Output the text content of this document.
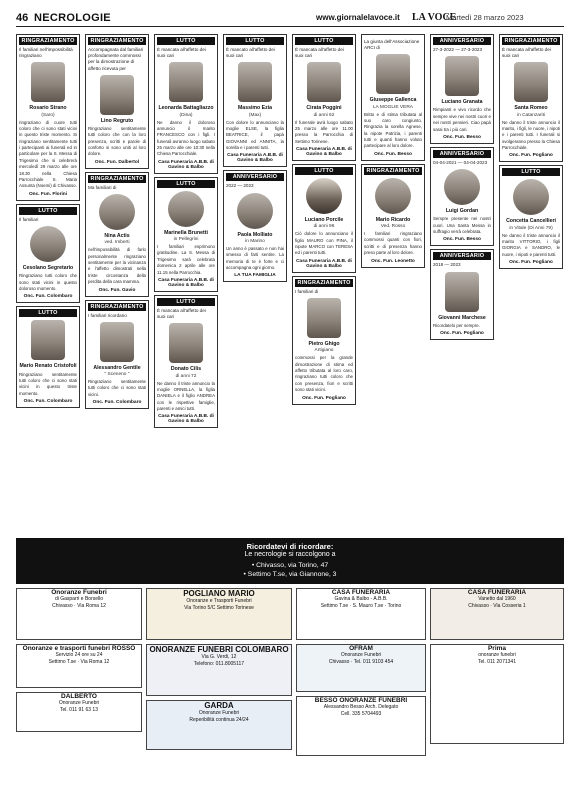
46 NECROLOGIE	www.giornalelavoce.it LA VOCE
Martedì 28 marzo 2023
RINGRAZIAMENTO
Il familiari nell'impossibilità ringraziano
Rosario Strano
(Saro)
ringraziano di cuore tutti coloro che ci sono stati vicini in questo triste momento. Si ringraziano sentitamente tutti i partecipanti ai funerali ed in particolare per la S. Messa di Trigesimo che si celebrerà mercoledì 29 marzo alle ore 18.30 nella Chiesa Parrocchiale S. Maria Assunta (Noemi) di Chivasso.
Onc. Fun. Florini
LUTTO
Il familiari
Cesolano Segretario
Ringraziano tutti coloro che sono stati vicini in questo doloroso momento.
Onc. Fun. Colombaro
LUTTO
Mario Renato Cristofoli
Ringraziano sentitamente tutti coloro che ci sono stati vicini in questo triste momento.
Onc. Fun. Colombaro
RINGRAZIAMENTO
Accompagnata dal familiari profondamente commossi per la dimostrazione di affetto ricevuta per
Lino Regruto
Ringraziano sentitamente tutti coloro che con la loro presenza, scritti e parole di conforto si sono uniti al loro dolore.
Onc. Fun. Dalbertol
RINGRAZIAMENTO
Ma familiari di
Nina Actis
ved. Imberti
nell'impossibilità di farlo personalmente ringraziano sentitamente per la vicinanza e l'affetto dimostrati nella triste circostanza della perdita della cara mamma.
Onc. Fun. Gavio
RINGRAZIAMENTO
I familiari ricordano
Alessandro Gentile
" Sceneno "
Ringraziano sentitamente tutti coloro che ci sono stati vicini.
Onc. Fun. Colombaro
LUTTO
È mancata all'affetto dei suoi cari
Leonarda Battagliazzo
(Dina)
Ne danno il doloroso annuncio il marito FRANCESCO con i figli. I funerali avranno luogo sabato 25 marzo alle ore 10:30 nella Chiesa Parrocchiale.
Casa Funeraria A.B.B. di Gavino & Balbo
LUTTO
Marinella Brunetti
in Pellegrini
I familiari esprimono gratitudine. La S. Messa di Trigesimo sarà celebrata domenica 2 aprile alle ore 11.15 nella Parrocchia.
Casa Funeraria A.B.B. di Gavino & Balbo
LUTTO
È mancata all'affetto dei suoi cari
Donato Cilis
di anni 72
Ne danno il triste annuncio la moglie ORNELLA, la figlia DANIELA e il figlio ANDREA con le rispettive famiglie, parenti e amici tutti.
Casa Funeraria A.B.B. di Gavino & Balbo
LUTTO
È mancato all'affetto dei suoi cari
Massimo Ezia
(Max)
Con dolore lo annunciano la moglie ELSE, la figlia BEATRICE, il papà GIOVANNI ed ANNITA, la sorella e i parenti tutti.
Casa Funeraria A.B.B. di Gavino & Balbo
ANNIVERSARIO
2022 — 2023
Paola Molliato
in Marino
Un anno è passato e non hai smesso di farti sentire. La memoria di te è forte e ci accompagna ogni giorno.
LA TUA FAMIGLIA
LUTTO
È mancata all'affetto dei suoi cari
Cirata Poggini
di anni 62
Il funerale avrà luogo sabato 25 marzo alle ore 11.00 presso la Parrocchia di Settimo Torinese.
Casa Funeraria A.B.B. di Gavino & Balbo
LUTTO
Luciano Porcile
di anni 96
Ciò dolore lo annunciano il figlio MAURO con PINA, il nipote MARCO con TERESA ed i parenti tutti.
Casa Funeraria A.B.B. di Gavino & Balbo
RINGRAZIAMENTO
I familiari di
Pietro Ghigo
Artigiano
commossi per la grande dimostrazione di stima ed affetto tributata al loro caro, ringraziano tutti coloro che con presenza, fiori e scritti sono stati vicini.
Onc. Fun. Pogliano
La giunta dell'Associazione ARCI di
Giuseppe Gallenca
LA MOGLIE VERA
Britto e di stima tributata al suo caro congiunto. Ringrazia la sorella Agnese, la nipote Patrizia, i parenti tutti e quanti hanno voluto partecipare al loro dolore.
Onc. Fun. Besso
RINGRAZIAMENTO
Mario Ricardo
Ved. Rosso
I familiari ringraziano commossi quanti con fiori, scritti e di presenza hanno preso parte al loro dolore.
Onc. Fun. Leonetto
ANNIVERSARIO
27-3-2022 — 27-3-2023
Luciano Granata
Rimpianti e vivo ricordo che sempre vive nei nostri cuori e nei nostri pensieri. Ciao papà sarai tra i più cari.
Onc. Fun. Besso
ANNIVERSARIO
04-04-2021 — 04-04-2023
Luigi Gordan
Sempre presente nei nostri cuori. Una Santa Messa in suffragio verrà celebrata.
Onc. Fun. Besso
ANNIVERSARIO
2018 — 2023
Giovanni Marchese
Ricordatelo per sempre.
Onc. Fun. Pogliano
RINGRAZIAMENTO
È mancata all'affetto dei suoi cari
Santa Romeo
in Catanzariti
Ne danno il triste annuncio il marito, i figli, le nuore, i nipoti e i parenti tutti. I funerali si svolgeranno presso la Chiesa Parrocchiale.
Onc. Fun. Pogliano
LUTTO
Concetta Cancellieri
in Vitale (Di Anni 79)
Ne danno il triste annuncio il marito VITTORIO, i figli GIORGIA e SANDRO, le nuore, i nipoti e parenti tutti.
Onc. Fun. Pogliano
Ricordatevi di ricordare:
Le necrologie si raccolgono a
• Chivasso, via Torino, 47
• Settimo T.se, via Giannone, 3
Onoranze Funebri
di Gasparri e Borsello
Chivasso · Via Roma 12
POGLIANO MARIO
Onoranze e Trasporti Funebri
Via Torino 5/C Settimo Torinese
CASA FUNERARIA
Gavina & Balbo - A.B.B.
Settimo T.se · S. Mauro T.se · Torino
CASA FUNERARIA
Vanetto dal 1960
Chivasso · Via Cosseria 1
Onoranze e trasporti funebri ROSSO
Servizio 24 ore su 24
Settimo T.se · Via Roma 12
ONORANZE FUNEBRI COLOMBARO
Via G. Verdi, 12
Telefono: 011.8005117
OFRAM
Onoranze Funebri
Chivasso · Tel. 011 9103 454
DALBERTO
Onoranze Funebri
Tel. 011 91 63 13	GARDA
Onoranze Funebri
Reperibilità continua 24/24
BESSO ONORANZE FUNEBRI
Alessandro Besso Arch. Delegato
Cell. 335 5704493
Prima
onoranze funebri
Tel. 011 2071341
